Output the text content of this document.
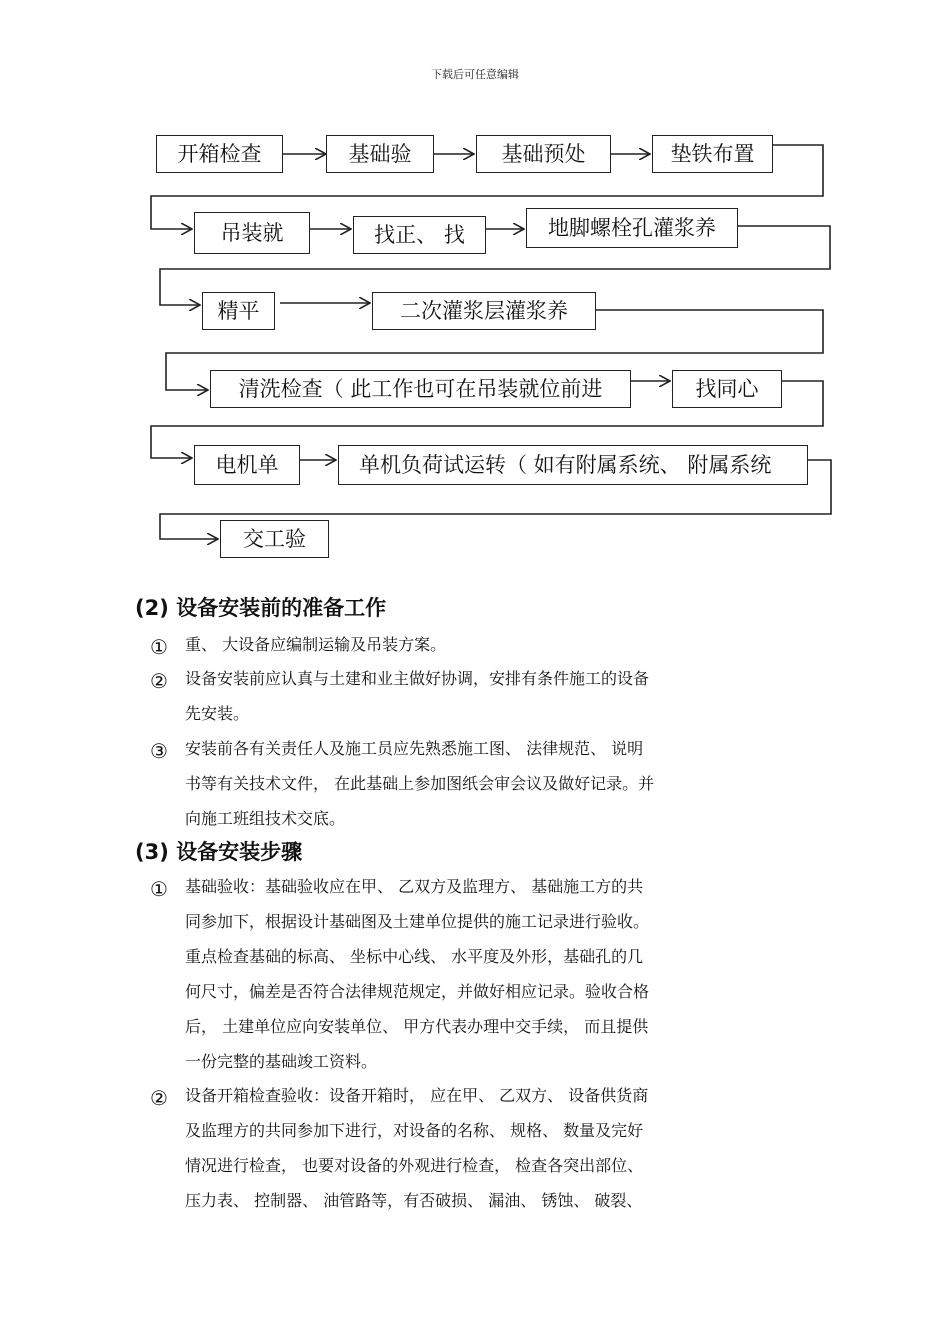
下载后可任意编辑
开箱检查	基础验	基础预处	垫铁布置
吊装就	找正、 找	地脚螺栓孔灌浆养
精平	二次灌浆层灌浆养
清洗检查（ 此工作也可在吊装就位前进	找同心
电机单	单机负荷试运转（ 如有附属系统、 附属系统
交工验
(2) 设备安装前的准备工作
①	重、 大设备应编制运输及吊装方案。
②	设备安装前应认真与土建和业主做好协调，安排有条件施工的设备
先安装。
③	安装前各有关责任人及施工员应先熟悉施工图、 法律规范、 说明
书等有关技术文件， 在此基础上参加图纸会审会议及做好记录。并
向施工班组技术交底。
(3) 设备安装步骤
①	基础验收：基础验收应在甲、 乙双方及监理方、 基础施工方的共
同参加下，根据设计基础图及土建单位提供的施工记录进行验收。
重点检查基础的标高、 坐标中心线、 水平度及外形，基础孔的几
何尺寸，偏差是否符合法律规范规定，并做好相应记录。验收合格
后， 土建单位应向安装单位、 甲方代表办理中交手续， 而且提供
一份完整的基础竣工资料。
②	设备开箱检查验收：设备开箱时， 应在甲、 乙双方、 设备供货商
及监理方的共同参加下进行，对设备的名称、 规格、 数量及完好
情况进行检查， 也要对设备的外观进行检查， 检查各突出部位、
压力表、 控制器、 油管路等，有否破损、 漏油、 锈蚀、 破裂、
